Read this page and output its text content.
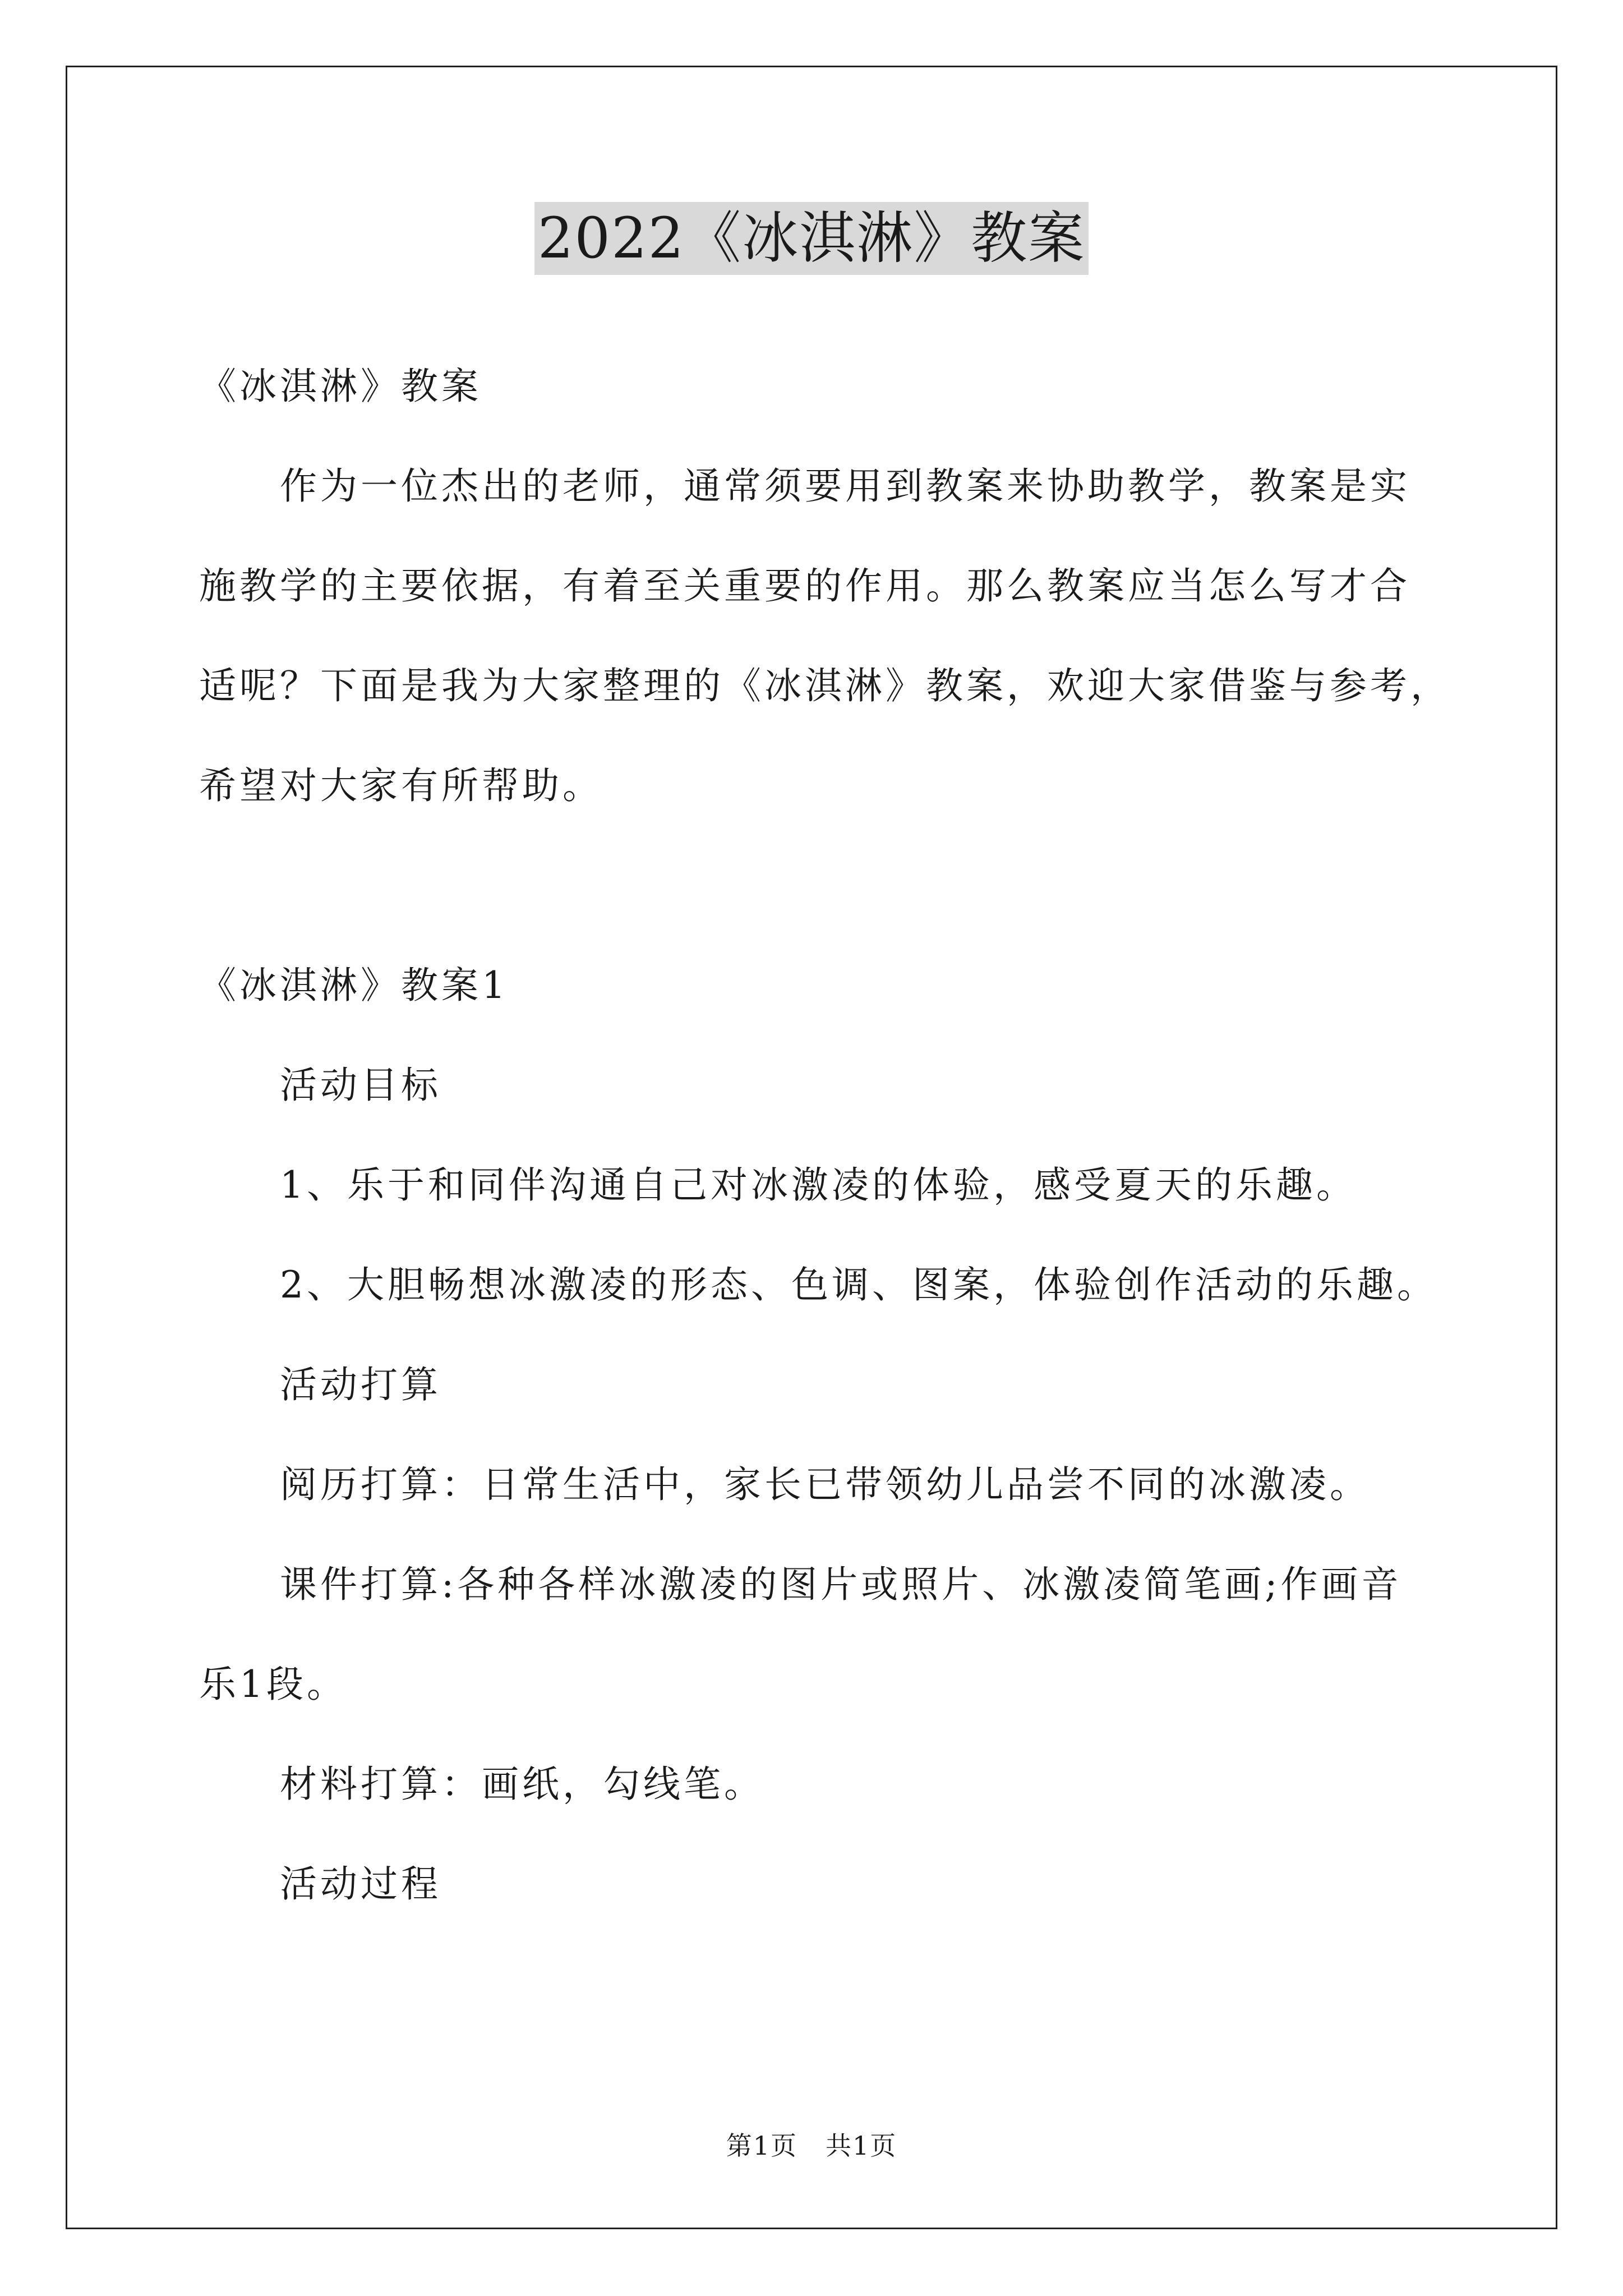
2022《冰淇淋》教案

《冰淇淋》教案

作为一位杰出的老师，通常须要用到教案来协助教学，教案是实

施教学的主要依据，有着至关重要的作用。那么教案应当怎么写才合

适呢？下面是我为大家整理的《冰淇淋》教案，欢迎大家借鉴与参考，

希望对大家有所帮助。

《冰淇淋》教案1

活动目标

1、乐于和同伴沟通自己对冰激凌的体验，感受夏天的乐趣。

2、大胆畅想冰激凌的形态、色调、图案，体验创作活动的乐趣。

活动打算

阅历打算：日常生活中，家长已带领幼儿品尝不同的冰激凌。

课件打算:各种各样冰激凌的图片或照片、冰激凌简笔画;作画音

乐1段。

材料打算：画纸，勾线笔。

活动过程

第1页 共1页
